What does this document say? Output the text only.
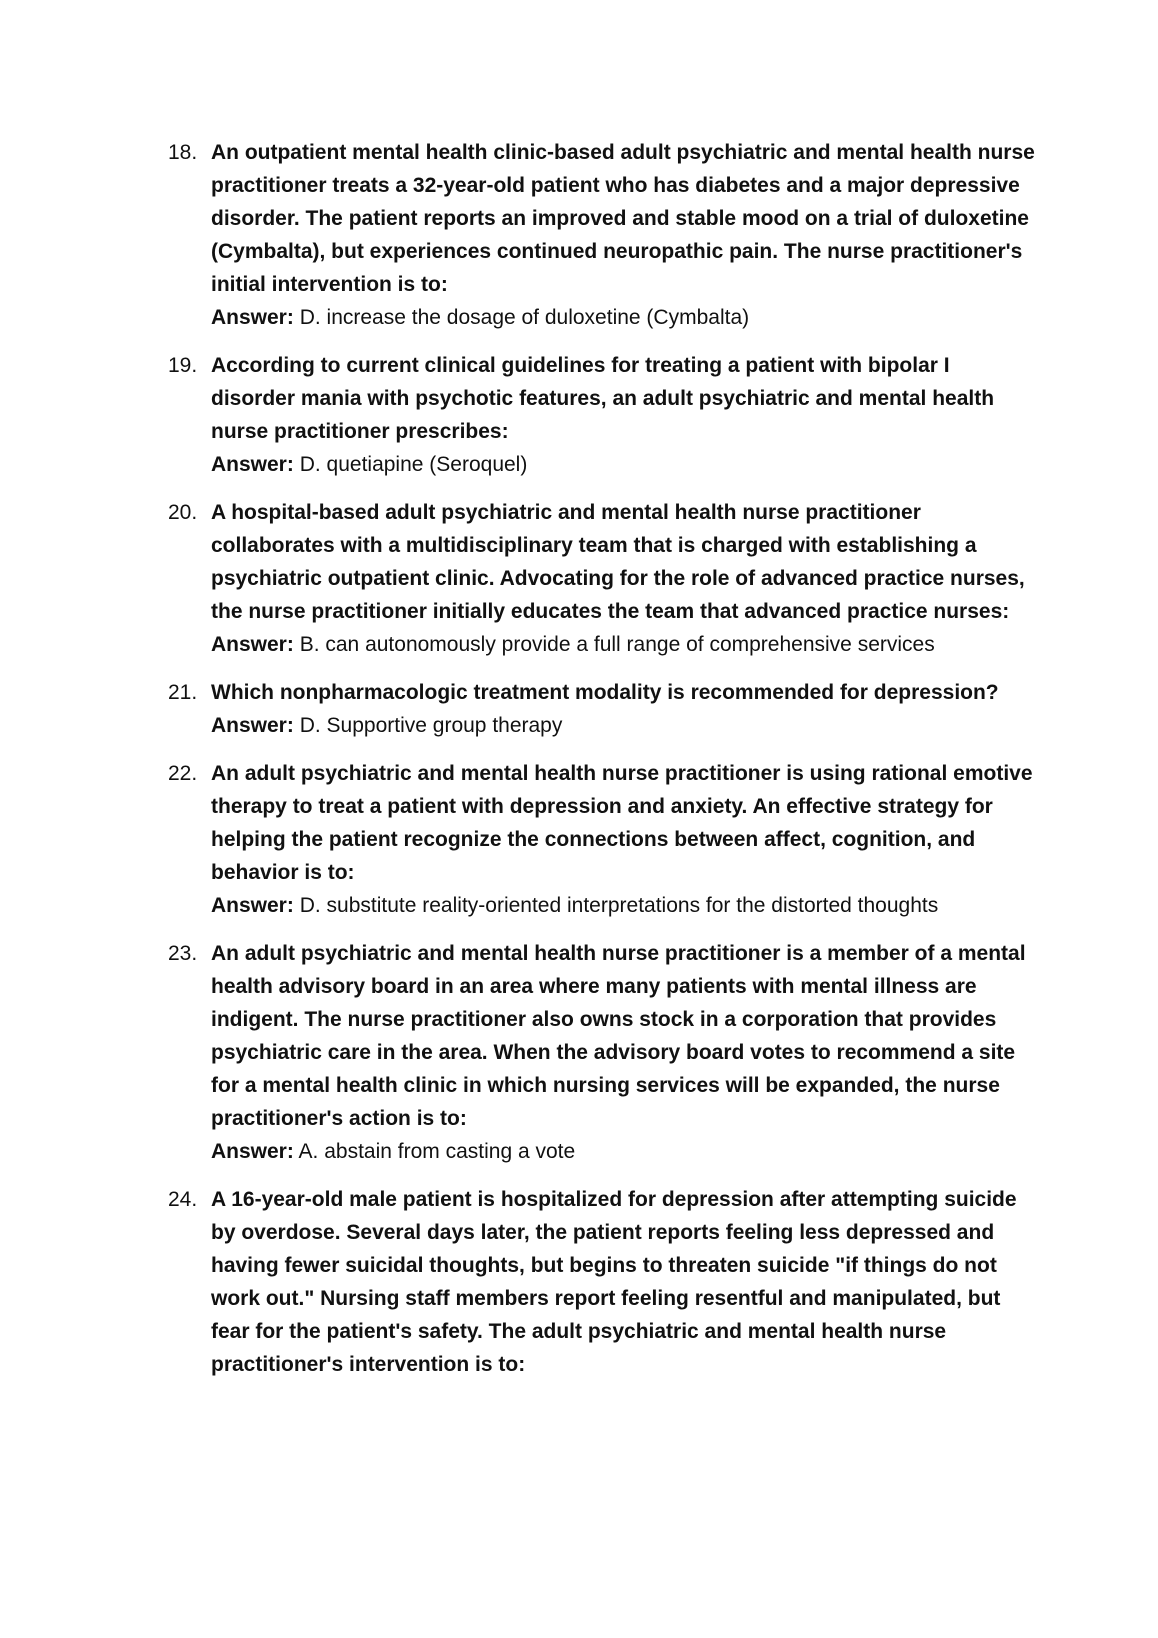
18. An outpatient mental health clinic-based adult psychiatric and mental health nurse practitioner treats a 32-year-old patient who has diabetes and a major depressive disorder. The patient reports an improved and stable mood on a trial of duloxetine (Cymbalta), but experiences continued neuropathic pain. The nurse practitioner's initial intervention is to:
Answer: D. increase the dosage of duloxetine (Cymbalta)
19. According to current clinical guidelines for treating a patient with bipolar I disorder mania with psychotic features, an adult psychiatric and mental health nurse practitioner prescribes:
Answer: D. quetiapine (Seroquel)
20. A hospital-based adult psychiatric and mental health nurse practitioner collaborates with a multidisciplinary team that is charged with establishing a psychiatric outpatient clinic. Advocating for the role of advanced practice nurses, the nurse practitioner initially educates the team that advanced practice nurses:
Answer: B. can autonomously provide a full range of comprehensive services
21. Which nonpharmacologic treatment modality is recommended for depression?
Answer: D. Supportive group therapy
22. An adult psychiatric and mental health nurse practitioner is using rational emotive therapy to treat a patient with depression and anxiety. An effective strategy for helping the patient recognize the connections between affect, cognition, and behavior is to:
Answer: D. substitute reality-oriented interpretations for the distorted thoughts
23. An adult psychiatric and mental health nurse practitioner is a member of a mental health advisory board in an area where many patients with mental illness are indigent. The nurse practitioner also owns stock in a corporation that provides psychiatric care in the area. When the advisory board votes to recommend a site for a mental health clinic in which nursing services will be expanded, the nurse practitioner's action is to:
Answer: A. abstain from casting a vote
24. A 16-year-old male patient is hospitalized for depression after attempting suicide by overdose. Several days later, the patient reports feeling less depressed and having fewer suicidal thoughts, but begins to threaten suicide "if things do not work out." Nursing staff members report feeling resentful and manipulated, but fear for the patient's safety. The adult psychiatric and mental health nurse practitioner's intervention is to:
